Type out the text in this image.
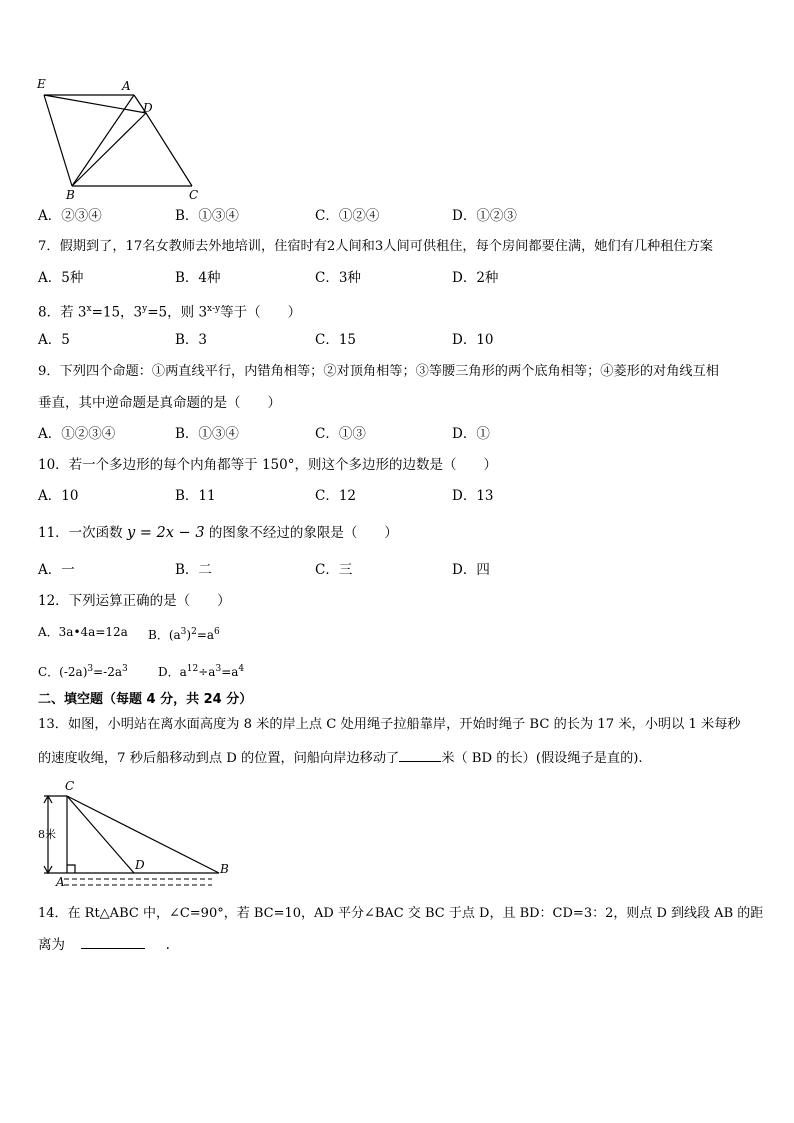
E	A
D
B	C
A．②③④	B．①③④	C．①②④	D．①②③
7．假期到了，17名女教师去外地培训，住宿时有2人间和3人间可供租住，每个房间都要住满，她们有几种租住方案
A．5种	B．4种	C．3种	D．2种
8．若 $3^x=15$，$3^y=5$，则 3$^{x-y}$等于（　　）
A．5	B．3	C．15	D．10
9．下列四个命题：①两直线平行，内错角相等；②对顶角相等；③等腰三角形的两个底角相等；④菱形的对角线互相
垂直，其中逆命题是真命题的是（　　）
A．①②③④	B．①③④	C．①③	D．①
10．若一个多边形的每个内角都等于 150°，则这个多边形的边数是（　　）
A．10	B．11	C．12	D．13
11．一次函数 y = 2x − 3 的图象不经过的象限是（　　）
A．一	B．二	C．三	D．四
12．下列运算正确的是（　　）
A．3a•4a=12a B．$(a^3)^2=a^6$
C．$(-2a)^3=-2a^3$	D．$a^{12}\div a^3=a^4$
二、填空题（每题 4 分，共 24 分）
13．如图，小明站在离水面高度为 8 米的岸上点 C 处用绳子拉船靠岸，开始时绳子 BC 的长为 17 米，小明以 1 米每秒
的速度收绳，7 秒后船移动到点 D 的位置，问船向岸边移动了	米（ BD 的长）(假设绳子是直的).
C
A
D	B
8米
14．在 Rt△ABC 中，∠C=90°，若 BC=10，AD 平分∠BAC 交 BC 于点 D，且 BD：CD=3：2，则点 D 到线段 AB 的距
离为	.
